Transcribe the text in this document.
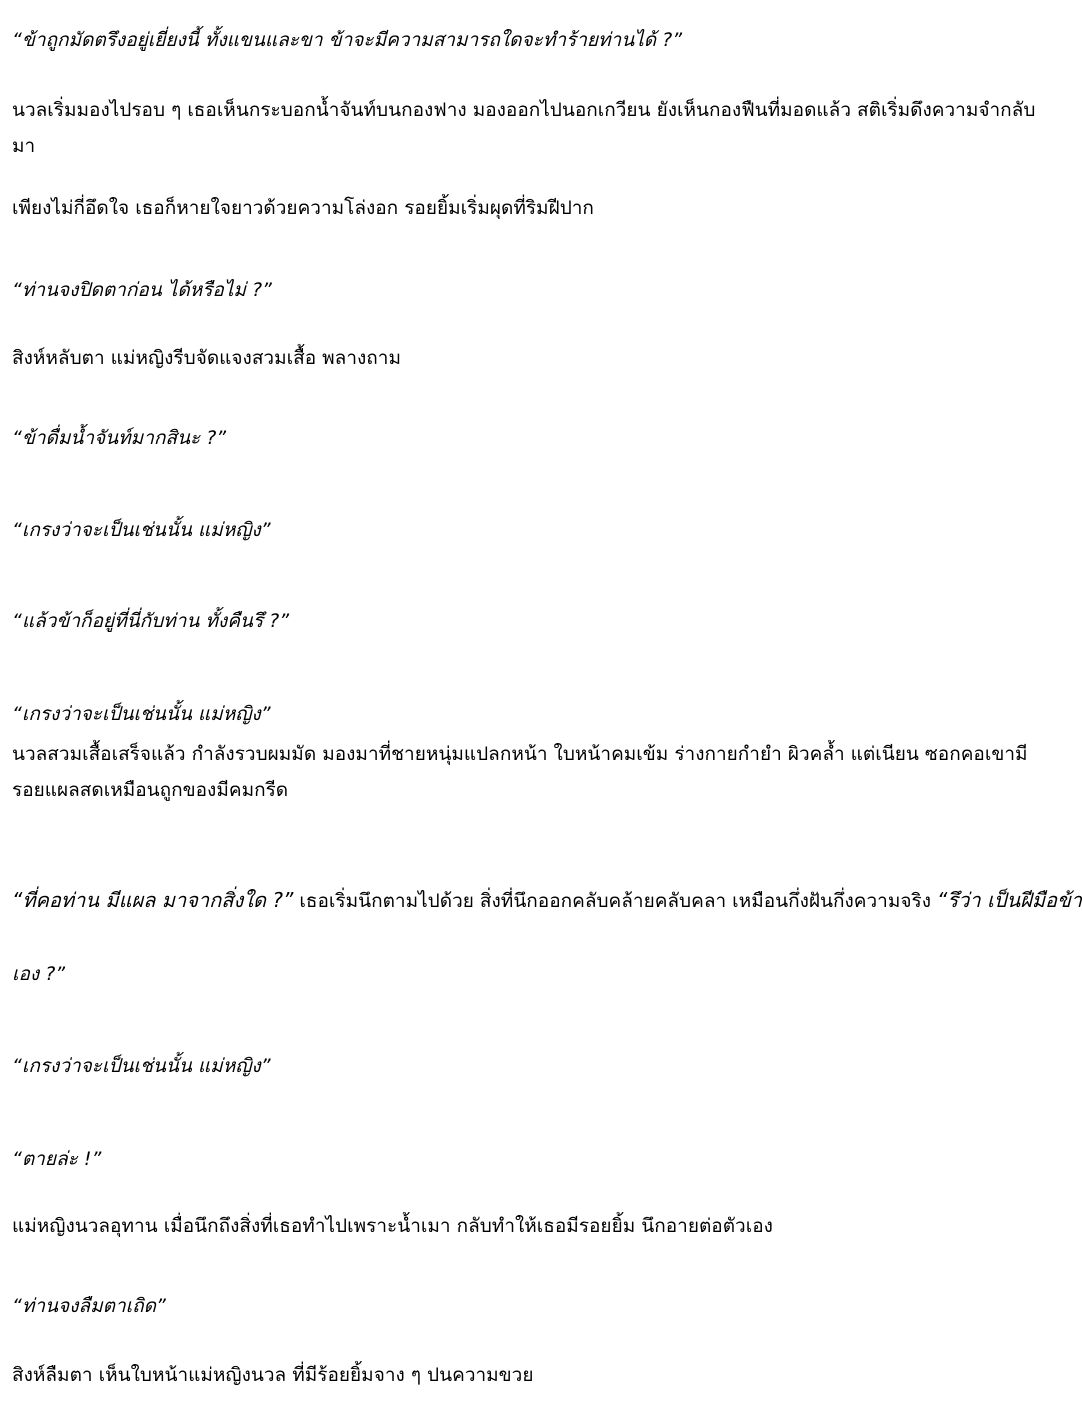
“ข้าถูกมัดตรึงอยู่เยี่ยงนี้ ทั้งแขนและขา ข้าจะมีความสามารถใดจะทำร้ายท่านได้ ?”
นวลเริ่มมองไปรอบ ๆ เธอเห็นกระบอกน้ำจันท์บนกองฟาง มองออกไปนอกเกวียน ยังเห็นกองฟืนที่มอดแล้ว สติเริ่มดึงความจำกลับมา
เพียงไม่กี่อึดใจ เธอก็หายใจยาวด้วยความโล่งอก รอยยิ้มเริ่มผุดที่ริมฝีปาก
“ท่านจงปิดตาก่อน ได้หรือไม่ ?”
สิงห์หลับตา แม่หญิงรีบจัดแจงสวมเสื้อ พลางถาม
“ข้าดื่มน้ำจันท์มากสินะ ?”
“เกรงว่าจะเป็นเช่นนั้น แม่หญิง”
“แล้วข้าก็อยู่ที่นี่กับท่าน ทั้งคืนรึ ?”
“เกรงว่าจะเป็นเช่นนั้น แม่หญิง”
นวลสวมเสื้อเสร็จแล้ว กำลังรวบผมมัด มองมาที่ชายหนุ่มแปลกหน้า ใบหน้าคมเข้ม ร่างกายกำยำ ผิวคล้ำ แต่เนียน ซอกคอเขามีรอยแผลสดเหมือนถูกของมีคมกรีด
“ที่คอท่าน มีแผล มาจากสิ่งใด ?” เธอเริ่มนึกตามไปด้วย สิ่งที่นึกออกคลับคล้ายคลับคลา เหมือนกึ่งฝันกึ่งความจริง “รึว่า เป็นฝีมือข้า
เอง ?”
“เกรงว่าจะเป็นเช่นนั้น แม่หญิง”
“ตายล่ะ !”
แม่หญิงนวลอุทาน เมื่อนึกถึงสิ่งที่เธอทำไปเพราะน้ำเมา กลับทำให้เธอมีรอยยิ้ม นึกอายต่อตัวเอง
“ท่านจงลืมตาเถิด”
สิงห์ลืมตา เห็นใบหน้าแม่หญิงนวล ที่มีร้อยยิ้มจาง ๆ ปนความขวย
